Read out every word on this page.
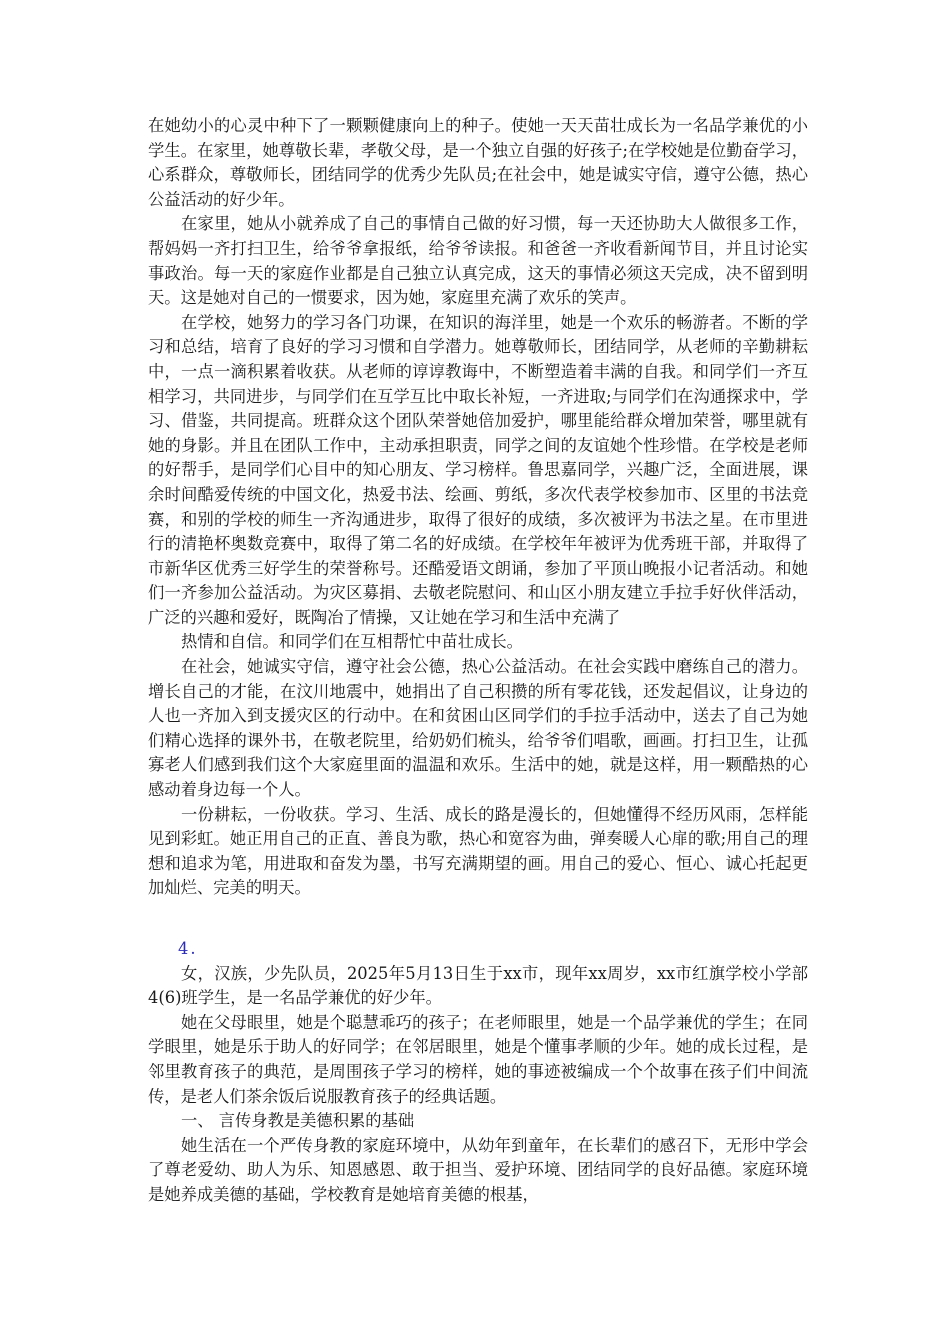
在她幼小的心灵中种下了一颗颗健康向上的种子。使她一天天苗壮成长为一名品学兼优的小学生。在家里，她尊敬长辈，孝敬父母，是一个独立自强的好孩子;在学校她是位勤奋学习，心系群众，尊敬师长，团结同学的优秀少先队员;在社会中，她是诚实守信，遵守公德，热心公益活动的好少年。

在家里，她从小就养成了自己的事情自己做的好习惯，每一天还协助大人做很多工作，帮妈妈一齐打扫卫生，给爷爷拿报纸，给爷爷读报。和爸爸一齐收看新闻节目，并且讨论实事政治。每一天的家庭作业都是自己独立认真完成，这天的事情必须这天完成，决不留到明天。这是她对自己的一惯要求，因为她，家庭里充满了欢乐的笑声。

在学校，她努力的学习各门功课，在知识的海洋里，她是一个欢乐的畅游者。不断的学习和总结，培育了良好的学习习惯和自学潜力。她尊敬师长，团结同学，从老师的辛勤耕耘中，一点一滴积累着收获。从老师的谆谆教诲中，不断塑造着丰满的自我。和同学们一齐互相学习，共同进步，与同学们在互学互比中取长补短，一齐进取;与同学们在沟通探求中，学习、借鉴，共同提高。班群众这个团队荣誉她倍加爱护，哪里能给群众增加荣誉，哪里就有她的身影。并且在团队工作中，主动承担职责，同学之间的友谊她个性珍惜。在学校是老师的好帮手，是同学们心目中的知心朋友、学习榜样。鲁思嘉同学，兴趣广泛，全面进展，课余时间酷爱传统的中国文化，热爱书法、绘画、剪纸，多次代表学校参加市、区里的书法竞赛，和别的学校的师生一齐沟通进步，取得了很好的成绩，多次被评为书法之星。在市里进行的清艳杯奥数竞赛中，取得了第二名的好成绩。在学校年年被评为优秀班干部，并取得了市新华区优秀三好学生的荣誉称号。还酷爱语文朗诵，参加了平顶山晚报小记者活动。和她们一齐参加公益活动。为灾区募捐、去敬老院慰问、和山区小朋友建立手拉手好伙伴活动，广泛的兴趣和爱好，既陶冶了情操，又让她在学习和生活中充满了

热情和自信。和同学们在互相帮忙中苗壮成长。

在社会，她诚实守信，遵守社会公德，热心公益活动。在社会实践中磨练自己的潜力。增长自己的才能，在汶川地震中，她捐出了自己积攒的所有零花钱，还发起倡议，让身边的人也一齐加入到支援灾区的行动中。在和贫困山区同学们的手拉手活动中，送去了自己为她们精心选择的课外书，在敬老院里，给奶奶们梳头，给爷爷们唱歌，画画。打扫卫生，让孤寡老人们感到我们这个大家庭里面的温温和欢乐。生活中的她，就是这样，用一颗酷热的心感动着身边每一个人。

一份耕耘，一份收获。学习、生活、成长的路是漫长的，但她懂得不经历风雨，怎样能见到彩虹。她正用自己的正直、善良为歌，热心和宽容为曲，弹奏暖人心扉的歌;用自己的理想和追求为笔，用进取和奋发为墨，书写充满期望的画。用自己的爱心、恒心、诚心托起更加灿烂、完美的明天。

4.

女，汉族，少先队员，2025年5月13日生于xx市，现年xx周岁，xx市红旗学校小学部4(6)班学生，是一名品学兼优的好少年。

她在父母眼里，她是个聪慧乖巧的孩子；在老师眼里，她是一个品学兼优的学生；在同学眼里，她是乐于助人的好同学；在邻居眼里，她是个懂事孝顺的少年。她的成长过程，是邻里教育孩子的典范，是周围孩子学习的榜样，她的事迹被编成一个个故事在孩子们中间流传，是老人们茶余饭后说服教育孩子的经典话题。

一、 言传身教是美德积累的基础

她生活在一个严传身教的家庭环境中，从幼年到童年，在长辈们的感召下，无形中学会了尊老爱幼、助人为乐、知恩感恩、敢于担当、爱护环境、团结同学的良好品德。家庭环境是她养成美德的基础，学校教育是她培育美德的根基，
